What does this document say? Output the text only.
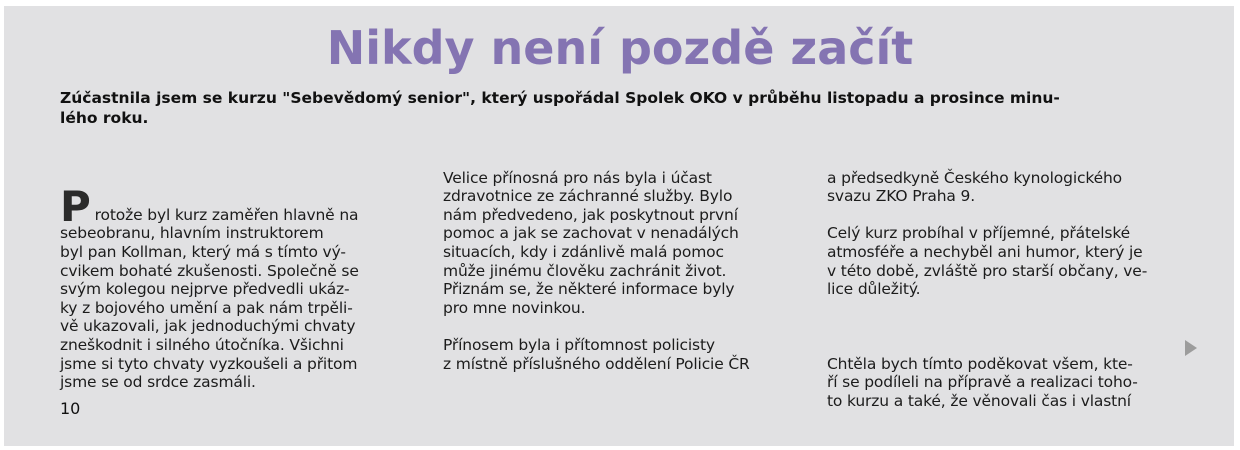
Nikdy není pozdě začít

Zúčastnila jsem se kurzu "Sebevědomý senior", který uspořádal Spolek OKO v průběhu listopadu a prosince minu-
lého roku.

P rotože byl kurz zaměřen hlavně na
sebeobranu, hlavním instruktorem
byl pan Kollman, který má s tímto vý-
cvikem bohaté zkušenosti. Společně se
svým kolegou nejprve předvedli ukáz-
ky z bojového umění a pak nám trpěli-
vě ukazovali, jak jednoduchými chvaty
zneškodnit i silného útočníka. Všichni
jsme si tyto chvaty vyzkoušeli a přitom
jsme se od srdce zasmáli.

Velice přínosná pro nás byla i účast
zdravotnice ze záchranné služby. Bylo
nám předvedeno, jak poskytnout první
pomoc a jak se zachovat v nenadálých
situacích, kdy i zdánlivě malá pomoc
může jinému člověku zachránit život.
Přiznám se, že některé informace byly
pro mne novinkou.

Přínosem byla i přítomnost policisty
z místně příslušného oddělení Policie ČR

a předsedkyně Českého kynologického
svazu ZKO Praha 9.

Celý kurz probíhal v příjemné, přátelské
atmosféře a nechyběl ani humor, který je
v této době, zvláště pro starší občany, ve-
lice důležitý.

Chtěla bych tímto poděkovat všem, kte-
ří se podíleli na přípravě a realizaci toho-
to kurzu a také, že věnovali čas i vlastní

10
